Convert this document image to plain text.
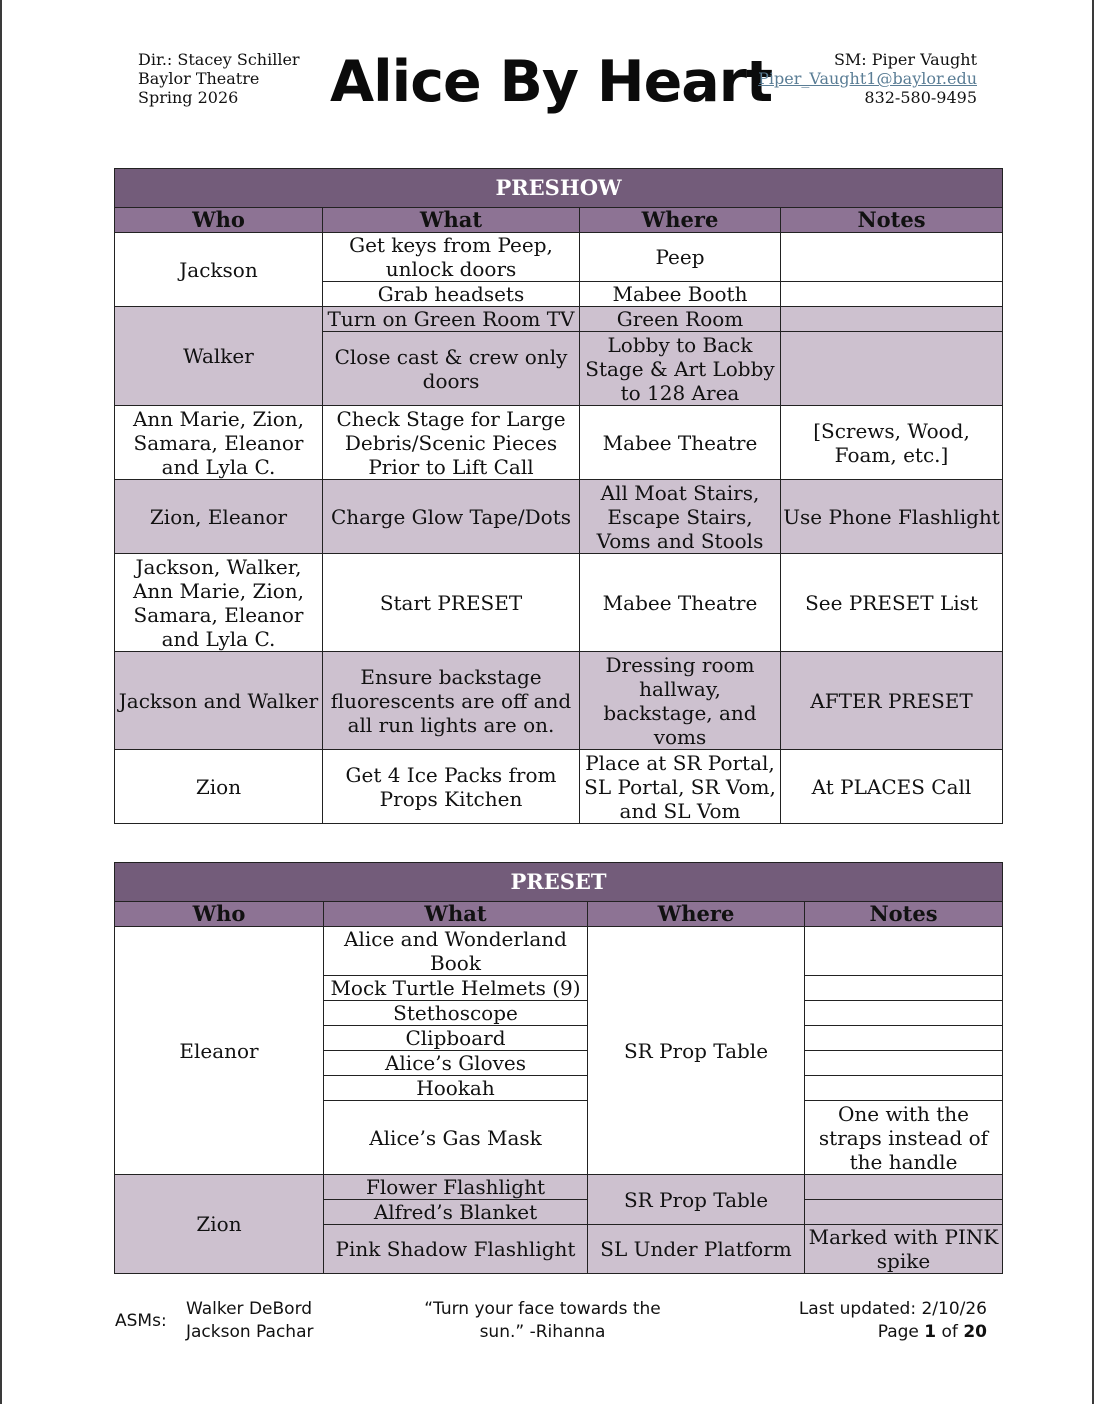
Dir.: Stacey Schiller
Baylor Theatre
Spring 2026	Alice By Heart	SM: Piper Vaught
Piper_Vaught1@baylor.edu
832-580-9495
PRESHOW			
Who	What	Where	Notes
Jackson	Get keys from Peep, unlock doors	Peep	
	Grab headsets	Mabee Booth	
Walker	Turn on Green Room TV	Green Room	
	Close cast & crew only doors	Lobby to Back Stage & Art Lobby to 128 Area	
Ann Marie, Zion, Samara, Eleanor and Lyla C.	Check Stage for Large Debris/Scenic Pieces Prior to Lift Call	Mabee Theatre	[Screws, Wood, Foam, etc.]
Zion, Eleanor	Charge Glow Tape/Dots	All Moat Stairs, Escape Stairs, Voms and Stools	Use Phone Flashlight
Jackson, Walker, Ann Marie, Zion, Samara, Eleanor and Lyla C.	Start PRESET	Mabee Theatre	See PRESET List
Jackson and Walker	Ensure backstage fluorescents are off and all run lights are on.	Dressing room hallway, backstage, and voms	AFTER PRESET
Zion	Get 4 Ice Packs from Props Kitchen	Place at SR Portal, SL Portal, SR Vom, and SL Vom	At PLACES Call
PRESET			
Who	What	Where	Notes
Eleanor	Alice and Wonderland Book	SR Prop Table	
	Mock Turtle Helmets (9)		
	Stethoscope		
	Clipboard		
	Alice’s Gloves		
	Hookah		
	Alice’s Gas Mask		One with the straps instead of the handle
Zion	Flower Flashlight	SR Prop Table	
	Alfred’s Blanket		
	Pink Shadow Flashlight	SL Under Platform	Marked with PINK spike
ASMs:
Walker DeBord
Jackson Pachar
“Turn your face towards the sun.” -Rihanna
Last updated: 2/10/26
Page 1 of 20
